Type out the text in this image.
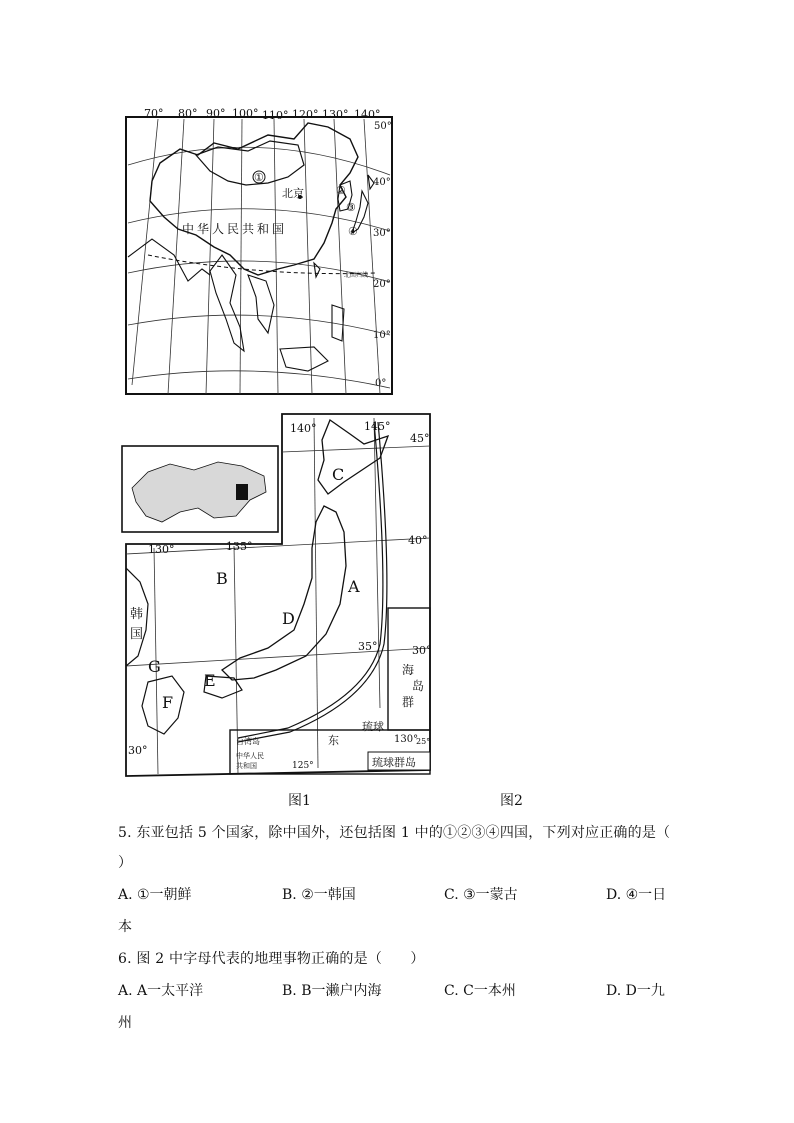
70° 80° 90° 100° 110° 120° 130° 140°
50°
40°
30°
20°
10°
0°
北回归线
①
北京	②
③
④
中华人民共和国
140°	145°
45°
40°
130°	135°
35°
30°
30°
海
岛
群
琉球
台湾岛
中华人民
共和国
东	130°
125°
25°
琉球群岛
C
B	A
D
E
G
F
韩
国
图1	图2
5. 东亚包括 5 个国家，除中国外，还包括图 1 中的①②③④四国，下列对应正确的是（
）
A. ①一朝鲜	B. ②一韩国	C. ③一蒙古	D. ④一日
本
6. 图 2 中字母代表的地理事物正确的是（　　）
A. A一太平洋	B. B一濑户内海	C. C一本州	D. D一九
州
